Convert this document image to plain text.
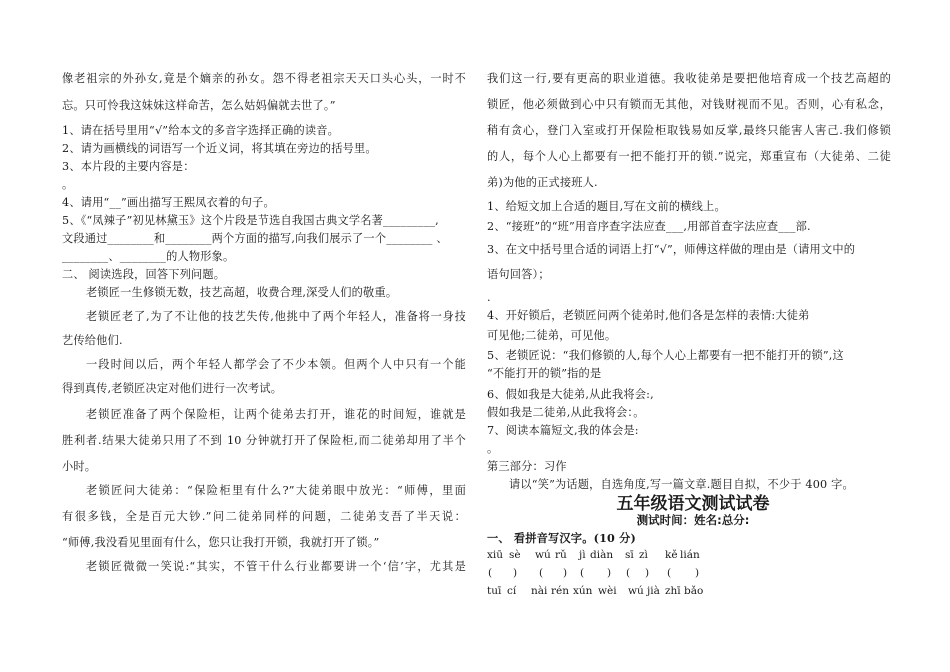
像老祖宗的外孙女,竟是个嫡亲的孙女。怨不得老祖宗天天口头心头，一时不
忘。只可怜我这妹妹这样命苦，怎么姑妈偏就去世了。”
1、请在括号里用“√”给本文的多音字选择正确的读音。
2、请为画横线的词语写一个近义词，将其填在旁边的括号里。
3、本片段的主要内容是：
。
4、请用“__”画出描写王熙凤衣着的句子。
5、《“凤辣子”初见林黛玉》这个片段是节选自我国古典文学名著_________,
文段通过________和________两个方面的描写,向我们展示了一个________ 、
________、________的人物形象。
二、 阅读选段，回答下列问题。
老锁匠一生修锁无数，技艺高超，收费合理,深受人们的敬重。
老锁匠老了,为了不让他的技艺失传,他挑中了两个年轻人，准备将一身技
艺传给他们.
一段时间以后，两个年轻人都学会了不少本领。但两个人中只有一个能
得到真传,老锁匠决定对他们进行一次考试。
老锁匠准备了两个保险柜，让两个徒弟去打开，谁花的时间短，谁就是
胜利者.结果大徒弟只用了不到 10 分钟就打开了保险柜,而二徒弟却用了半个
小时。
老锁匠问大徒弟：“保险柜里有什么?”大徒弟眼中放光：“师傅，里面
有很多钱，全是百元大钞.”问二徒弟同样的问题，二徒弟支吾了半天说：
“师傅,我没看见里面有什么，您只让我打开锁，我就打开了锁。”
老锁匠微微一笑说:“其实，不管干什么行业都要讲一个‘信’字，尤其是
我们这一行,要有更高的职业道德。我收徒弟是要把他培育成一个技艺高超的
锁匠，他必须做到心中只有锁而无其他，对钱财视而不见。否则，心有私念，
稍有贪心，登门入室或打开保险柜取钱易如反掌,最终只能害人害己.我们修锁
的人，每个人心上都要有一把不能打开的锁.”说完，郑重宣布（大徒弟、二徒
弟)为他的正式接班人.
1、给短文加上合适的题目,写在文前的横线上。
2、“接班”的“班”用音序查字法应查___,用部首查字法应查___部.
3、在文中括号里合适的词语上打“√”，师傅这样做的理由是（请用文中的
语句回答）；
.
4、开好锁后，老锁匠问两个徒弟时,他们各是怎样的表情:大徒弟
可见他;二徒弟，可见他。
5、老锁匠说：“我们修锁的人,每个人心上都要有一把不能打开的锁”,这
“不能打开的锁”指的是
6、假如我是大徒弟,从此我将会:,
假如我是二徒弟,从此我将会：。
7、阅读本篇短文,我的体会是:
。
第三部分：习作
请以“笑”为话题，自选角度,写一篇文章.题目自拟，不少于 400 字。
五年级语文测试试卷
测试时间：姓名:总分:
一、 看拼音写汉字。(10 分)
xiū sè wú rǔ jì diàn sī zì kě lián
( ) ( ) ( ) ( ) ( )
tuī cí nài rén xún wèi wú jià zhī bǎo
